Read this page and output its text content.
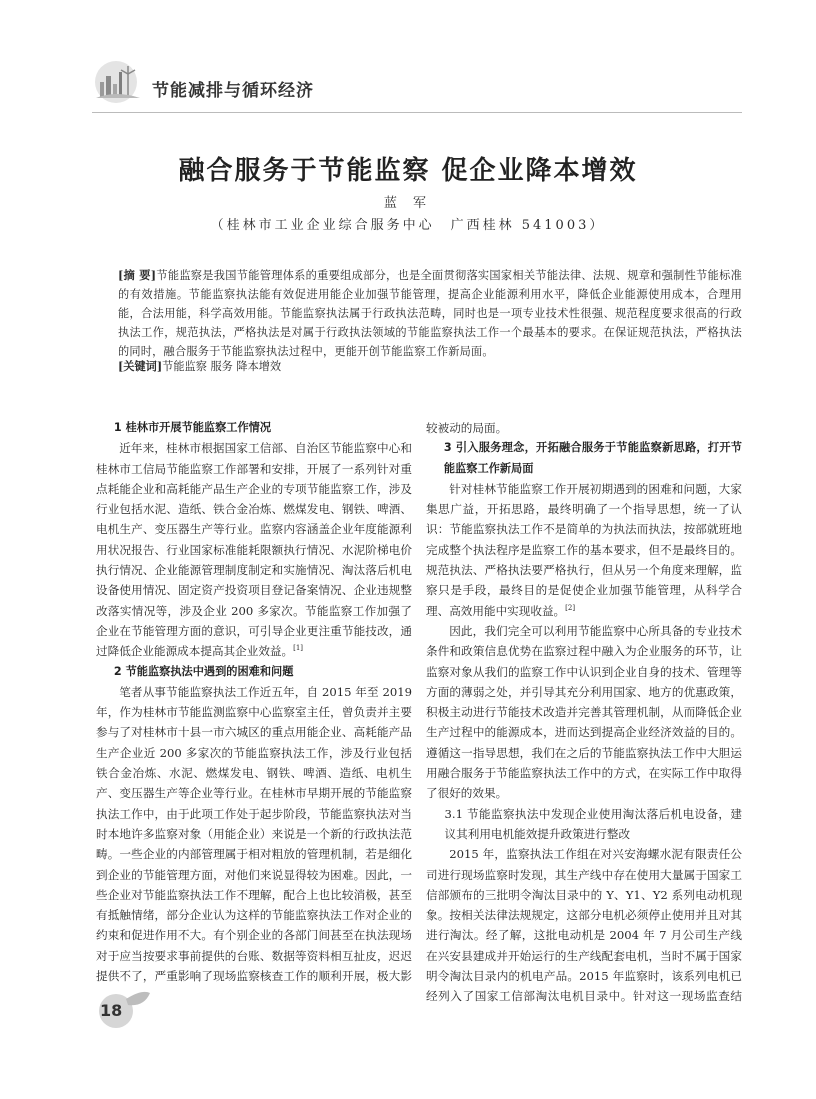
节能减排与循环经济
融合服务于节能监察 促企业降本增效
蓝 军
（桂林市工业企业综合服务中心　广西桂林 541003）
[摘 要]节能监察是我国节能管理体系的重要组成部分，也是全面贯彻落实国家相关节能法律、法规、规章和强制性节能标准的有效措施。节能监察执法能有效促进用能企业加强节能管理，提高企业能源利用水平，降低企业能源使用成本，合理用能，合法用能，科学高效用能。节能监察执法属于行政执法范畴，同时也是一项专业技术性很强、规范程度要求很高的行政执法工作，规范执法，严格执法是对属于行政执法领域的节能监察执法工作一个最基本的要求。在保证规范执法，严格执法的同时，融合服务于节能监察执法过程中，更能开创节能监察工作新局面。
[关键词]节能监察 服务 降本增效
1 桂林市开展节能监察工作情况

近年来，桂林市根据国家工信部、自治区节能监察中心和桂林市工信局节能监察工作部署和安排，开展了一系列针对重点耗能企业和高耗能产品生产企业的专项节能监察工作，涉及行业包括水泥、造纸、铁合金冶炼、燃煤发电、钢铁、啤酒、电机生产、变压器生产等行业。监察内容涵盖企业年度能源利用状况报告、行业国家标准能耗限额执行情况、水泥阶梯电价执行情况、企业能源管理制度制定和实施情况、淘汰落后机电设备使用情况、固定资产投资项目登记备案情况、企业违规整改落实情况等，涉及企业 200 多家次。节能监察工作加强了企业在节能管理方面的意识，可引导企业更注重节能技改，通过降低企业能源成本提高其企业效益。[1]

2 节能监察执法中遇到的困难和问题

笔者从事节能监察执法工作近五年，自 2015 年至 2019 年，作为桂林市节能监测监察中心监察室主任，曾负责并主要参与了对桂林市十县一市六城区的重点用能企业、高耗能产品生产企业近 200 多家次的节能监察执法工作，涉及行业包括铁合金冶炼、水泥、燃煤发电、钢铁、啤酒、造纸、电机生产、变压器生产等企业等行业。在桂林市早期开展的节能监察执法工作中，由于此项工作处于起步阶段，节能监察执法对当时本地许多监察对象（用能企业）来说是一个新的行政执法范畴。一些企业的内部管理属于相对粗放的管理机制，若是细化到企业的节能管理方面，对他们来说显得较为困难。因此，一些企业对节能监察执法工作不理解，配合上也比较消极，甚至有抵触情绪，部分企业认为这样的节能监察执法工作对企业的约束和促进作用不大。有个别企业的各部门间甚至在执法现场对于应当按要求事前提供的台账、数据等资料相互扯皮，迟迟提供不了，严重影响了现场监察核查工作的顺利开展，极大影

较被动的局面。

3 引入服务理念，开拓融合服务于节能监察新思路，打开节能监察工作新局面

针对桂林节能监察工作开展初期遇到的困难和问题，大家集思广益，开拓思路，最终明确了一个指导思想，统一了认识：节能监察执法工作不是简单的为执法而执法，按部就班地完成整个执法程序是监察工作的基本要求，但不是最终目的。规范执法、严格执法要严格执行，但从另一个角度来理解，监察只是手段，最终目的是促使企业加强节能管理，从科学合理、高效用能中实现收益。[2]

因此，我们完全可以利用节能监察中心所具备的专业技术条件和政策信息优势在监察过程中融入为企业服务的环节，让监察对象从我们的监察工作中认识到企业自身的技术、管理等方面的薄弱之处，并引导其充分利用国家、地方的优惠政策，积极主动进行节能技术改造并完善其管理机制，从而降低企业生产过程中的能源成本，进而达到提高企业经济效益的目的。遵循这一指导思想，我们在之后的节能监察执法工作中大胆运用融合服务于节能监察执法工作中的方式，在实际工作中取得了很好的效果。

3.1 节能监察执法中发现企业使用淘汰落后机电设备，建议其利用电机能效提升政策进行整改

2015 年，监察执法工作组在对兴安海螺水泥有限责任公司进行现场监察时发现，其生产线中存在使用大量属于国家工信部颁布的三批明令淘汰目录中的 Y、Y1、Y2 系列电动机现象。按相关法律法规规定，这部分电机必须停止使用并且对其进行淘汰。经了解，这批电动机是 2004 年 7 月公司生产线在兴安县建成并开始运行的生产线配套电机，当时不属于国家明令淘汰目录内的机电产品。2015 年监察时，该系列电机已经列入了国家工信部淘汰电机目录中。针对这一现场监查结

18
